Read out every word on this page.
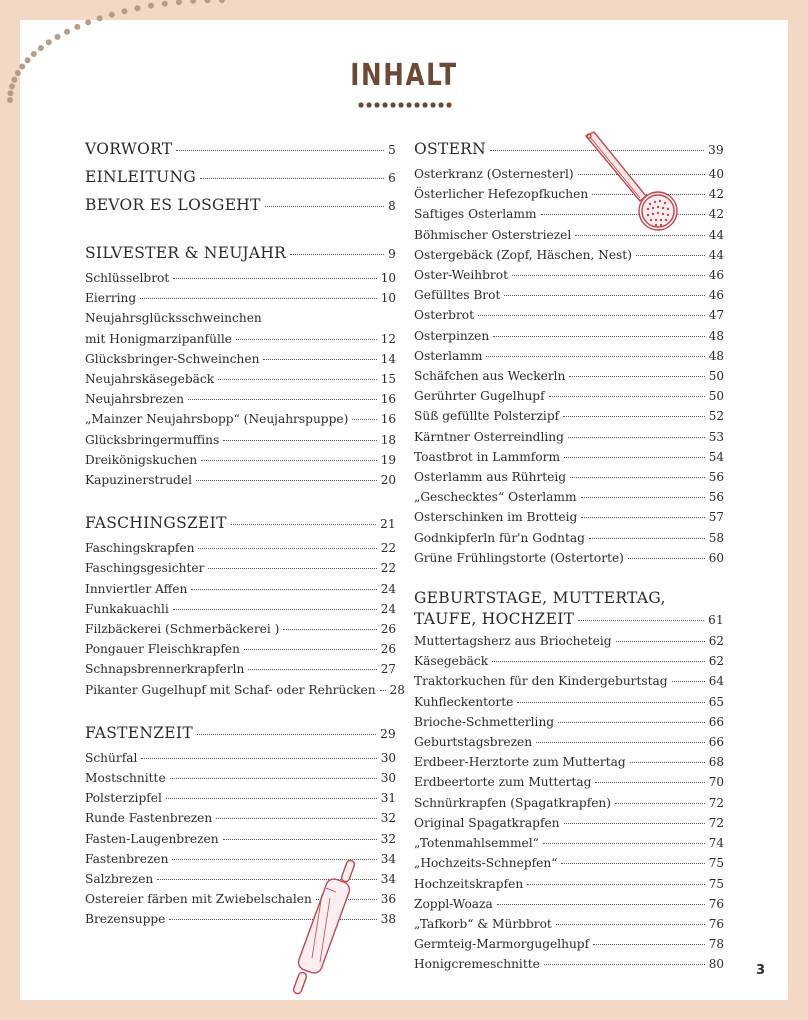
INHALT
VORWORT	5
EINLEITUNG	6
BEVOR ES LOSGEHT	8
SILVESTER & NEUJAHR	9
Schlüsselbrot	10
Eierring	10
Neujahrsglücksschweinchen
mit Honigmarzipanfülle	12
Glücksbringer-Schweinchen	14
Neujahrskäsegebäck	15
Neujahrsbrezen	16
„Mainzer Neujahrsbopp“ (Neujahrspuppe)	16
Glücksbringermuffins	18
Dreikönigskuchen	19
Kapuzinerstrudel	20
FASCHINGSZEIT	21
Faschingskrapfen	22
Faschingsgesichter	22
Innviertler Affen	24
Funkakuachli	24
Filzbäckerei (Schmerbäckerei )	26
Pongauer Fleischkrapfen	26
Schnapsbrennerkrapferln	27
Pikanter Gugelhupf mit Schaf- oder Rehrücken 28
FASTENZEIT	29
Schürfal	30
Mostschnitte	30
Polsterzipfel	31
Runde Fastenbrezen	32
Fasten-Laugenbrezen	32
Fastenbrezen	34
Salzbrezen	34
Ostereier färben mit Zwiebelschalen	36
Brezensuppe	38
OSTERN	39
Osterkranz (Osternesterl)	40
Österlicher Hefezopfkuchen	42
Saftiges Osterlamm	42
Böhmischer Osterstriezel	44
Ostergebäck (Zopf, Häschen, Nest)	44
Oster-Weihbrot	46
Gefülltes Brot	46
Osterbrot	47
Osterpinzen	48
Osterlamm	48
Schäfchen aus Weckerln	50
Gerührter Gugelhupf	50
Süß gefüllte Polsterzipf	52
Kärntner Osterreindling	53
Toastbrot in Lammform	54
Osterlamm aus Rührteig	56
„Geschecktes“ Osterlamm	56
Osterschinken im Brotteig	57
Godnkipferln für'n Godntag	58
Grüne Frühlingstorte (Ostertorte)	60
GEBURTSTAGE, MUTTERTAG,
TAUFE, HOCHZEIT	61
Muttertagsherz aus Briocheteig	62
Käsegebäck	62
Traktorkuchen für den Kindergeburtstag	64
Kuhfleckentorte	65
Brioche-Schmetterling	66
Geburtstagsbrezen	66
Erdbeer-Herztorte zum Muttertag	68
Erdbeertorte zum Muttertag	70
Schnürkrapfen (Spagatkrapfen)	72
Original Spagatkrapfen	72
„Totenmahlsemmel“	74
„Hochzeits-Schnepfen“	75
Hochzeitskrapfen	75
Zoppl-Woaza	76
„Tafkorb“ & Mürbbrot	76
Germteig-Marmorgugelhupf	78
Honigcremeschnitte	80 3
